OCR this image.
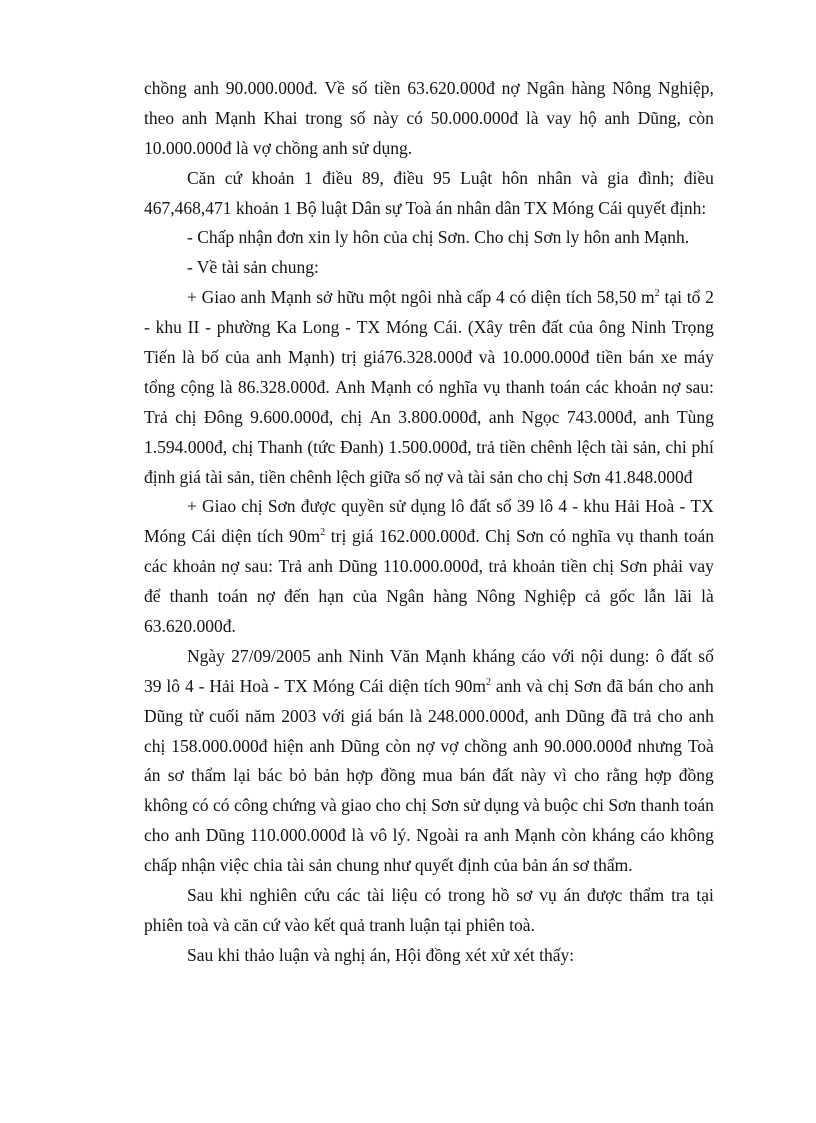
chồng anh 90.000.000đ. Về số tiền 63.620.000đ nợ Ngân hàng Nông Nghiệp,
theo anh Mạnh Khai trong số này có 50.000.000đ là vay hộ anh Dũng, còn
10.000.000đ là vợ chồng anh sử dụng.
Căn cứ khoản 1 điều 89, điều 95 Luật hôn nhân và gia đình; điều
467,468,471 khoản 1 Bộ luật Dân sự Toà án nhân dân TX Móng Cái quyết định:
- Chấp nhận đơn xin ly hôn của chị Sơn. Cho chị Sơn ly hôn anh Mạnh.
- Về tài sản chung:
+ Giao anh Mạnh sở hữu một ngôi nhà cấp 4 có diện tích 58,50 $m^2$ tại tổ 2
- khu II - phường Ka Long - TX Móng Cái. (Xây trên đất của ông Ninh Trọng
Tiến là bố của anh Mạnh) trị giá76.328.000đ và 10.000.000đ tiền bán xe máy
tổng cộng là 86.328.000đ. Anh Mạnh có nghĩa vụ thanh toán các khoản nợ sau:
Trả chị Đông 9.600.000đ, chị An 3.800.000đ, anh Ngọc 743.000đ, anh Tùng
1.594.000đ, chị Thanh (tức Đanh) 1.500.000đ, trả tiền chênh lệch tài sản, chi phí
định giá tài sản, tiền chênh lệch giữa số nợ và tài sản cho chị Sơn 41.848.000đ
+ Giao chị Sơn được quyền sử dụng lô đất số 39 lô 4 - khu Hải Hoà - TX
Móng Cái diện tích $90m^2$ trị giá 162.000.000đ. Chị Sơn có nghĩa vụ thanh toán
các khoản nợ sau: Trả anh Dũng 110.000.000đ, trả khoản tiền chị Sơn phải vay
để thanh toán nợ đến hạn của Ngân hàng Nông Nghiệp cả gốc lẫn lãi là
63.620.000đ.
Ngày 27/09/2005 anh Ninh Văn Mạnh kháng cáo với nội dung: ô đất số
39 lô 4 - Hải Hoà - TX Móng Cái diện tích $90m^2$ anh và chị Sơn đã bán cho anh
Dũng từ cuối năm 2003 với giá bán là 248.000.000đ, anh Dũng đã trả cho anh
chị 158.000.000đ hiện anh Dũng còn nợ vợ chồng anh 90.000.000đ nhưng Toà
án sơ thẩm lại bác bỏ bản hợp đồng mua bán đất này vì cho rằng hợp đồng
không có có công chứng và giao cho chị Sơn sử dụng và buộc chi Sơn thanh toán
cho anh Dũng 110.000.000đ là vô lý. Ngoài ra anh Mạnh còn kháng cáo không
chấp nhận việc chia tài sản chung như quyết định của bản án sơ thẩm.
Sau khi nghiên cứu các tài liệu có trong hồ sơ vụ án được thẩm tra tại
phiên toà và căn cứ vào kết quả tranh luận tại phiên toà.
Sau khi thảo luận và nghị án, Hội đồng xét xử xét thấy:
